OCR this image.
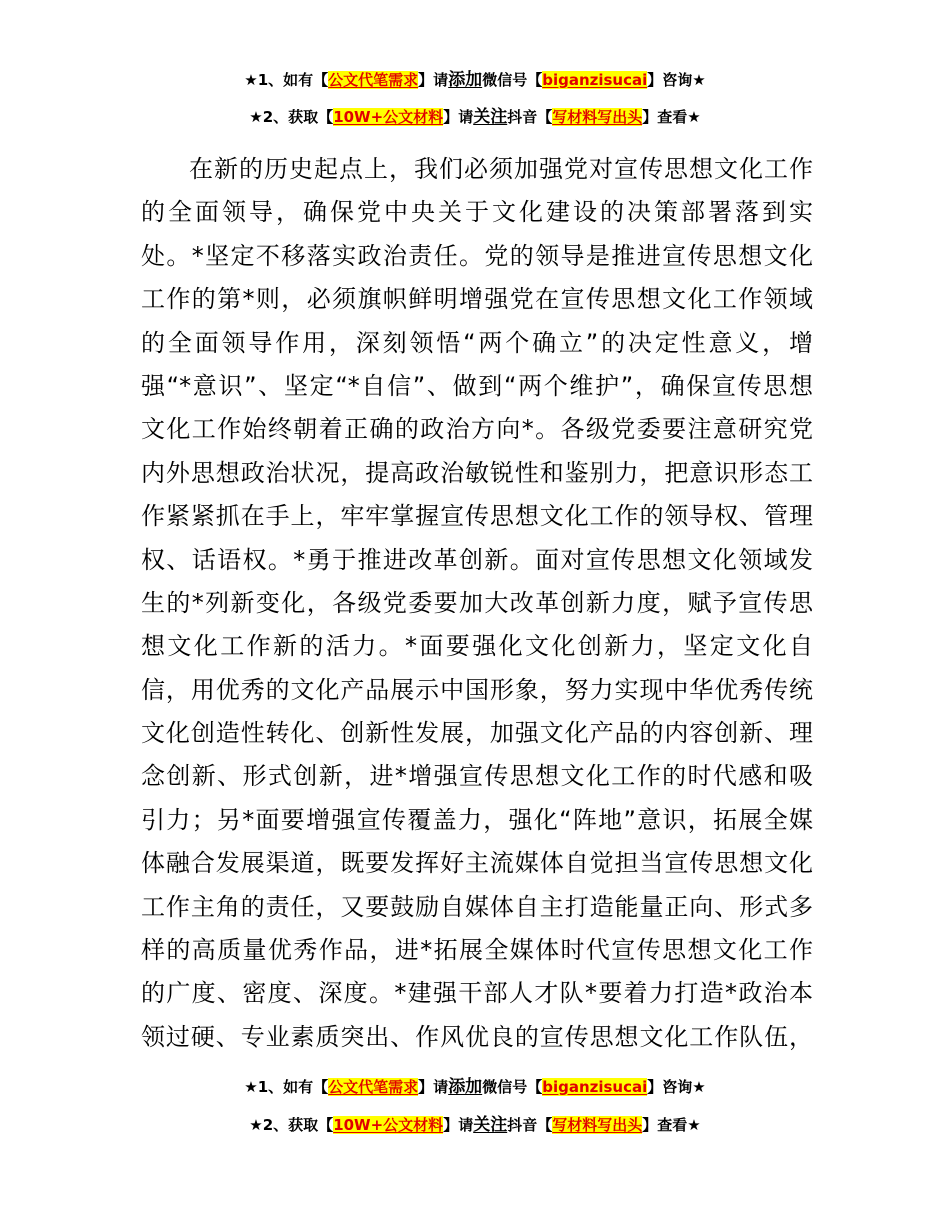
★1、如有【公文代笔需求】请添加微信号【biganzisucai】咨询★
★2、获取【10W+公文材料】请关注抖音【写材料写出头】查看★
在新的历史起点上，我们必须加强党对宣传思想文化工作
的全面领导，确保党中央关于文化建设的决策部署落到实
处。*坚定不移落实政治责任。党的领导是推进宣传思想文化
工作的第*则，必须旗帜鲜明增强党在宣传思想文化工作领域
的全面领导作用，深刻领悟“两个确立”的决定性意义，增
强“*意识”、坚定“*自信”、做到“两个维护”，确保宣传思想
文化工作始终朝着正确的政治方向*。各级党委要注意研究党
内外思想政治状况，提高政治敏锐性和鉴别力，把意识形态工
作紧紧抓在手上，牢牢掌握宣传思想文化工作的领导权、管理
权、话语权。*勇于推进改革创新。面对宣传思想文化领域发
生的*列新变化，各级党委要加大改革创新力度，赋予宣传思
想文化工作新的活力。*面要强化文化创新力，坚定文化自
信，用优秀的文化产品展示中国形象，努力实现中华优秀传统
文化创造性转化、创新性发展，加强文化产品的内容创新、理
念创新、形式创新，进*增强宣传思想文化工作的时代感和吸
引力；另*面要增强宣传覆盖力，强化“阵地”意识，拓展全媒
体融合发展渠道，既要发挥好主流媒体自觉担当宣传思想文化
工作主角的责任，又要鼓励自媒体自主打造能量正向、形式多
样的高质量优秀作品，进*拓展全媒体时代宣传思想文化工作
的广度、密度、深度。*建强干部人才队*要着力打造*政治本
领过硬、专业素质突出、作风优良的宣传思想文化工作队伍，
★1、如有【公文代笔需求】请添加微信号【biganzisucai】咨询★
★2、获取【10W+公文材料】请关注抖音【写材料写出头】查看★
